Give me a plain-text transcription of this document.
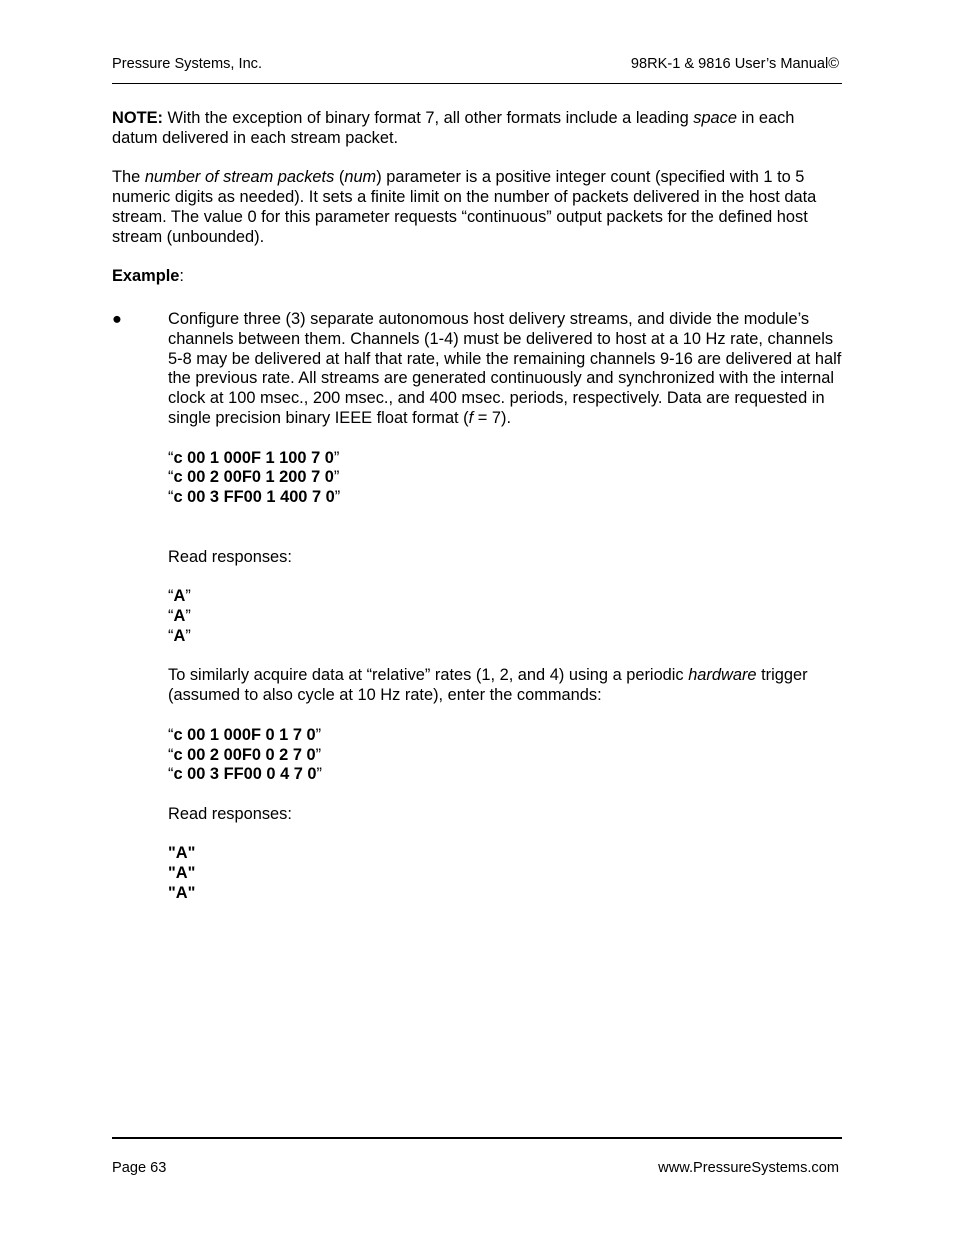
Pressure Systems, Inc.	98RK-1 & 9816 User’s Manual©

NOTE: With the exception of binary format 7, all other formats include a leading space in each datum delivered in each stream packet.

The number of stream packets (num) parameter is a positive integer count (specified with 1 to 5 numeric digits as needed). It sets a finite limit on the number of packets delivered in the host data stream. The value 0 for this parameter requests “continuous” output packets for the defined host stream (unbounded).

Example:

●	Configure three (3) separate autonomous host delivery streams, and divide the module’s channels between them. Channels (1-4) must be delivered to host at a 10 Hz rate, channels 5-8 may be delivered at half that rate, while the remaining channels 9-16 are delivered at half the previous rate. All streams are generated continuously and synchronized with the internal clock at 100 msec., 200 msec., and 400 msec. periods, respectively. Data are requested in single precision binary IEEE float format (f = 7).

“c 00 1 000F 1 100 7 0”

“c 00 2 00F0 1 200 7 0”

“c 00 3 FF00 1 400 7 0”

Read responses:

“A”

“A”

“A”

To similarly acquire data at “relative” rates (1, 2, and 4) using a periodic hardware trigger (assumed to also cycle at 10 Hz rate), enter the commands:

“c 00 1 000F 0 1 7 0”

“c 00 2 00F0 0 2 7 0”

“c 00 3 FF00 0 4 7 0”

Read responses:

"A"

"A"

"A"

Page 63	www.PressureSystems.com
